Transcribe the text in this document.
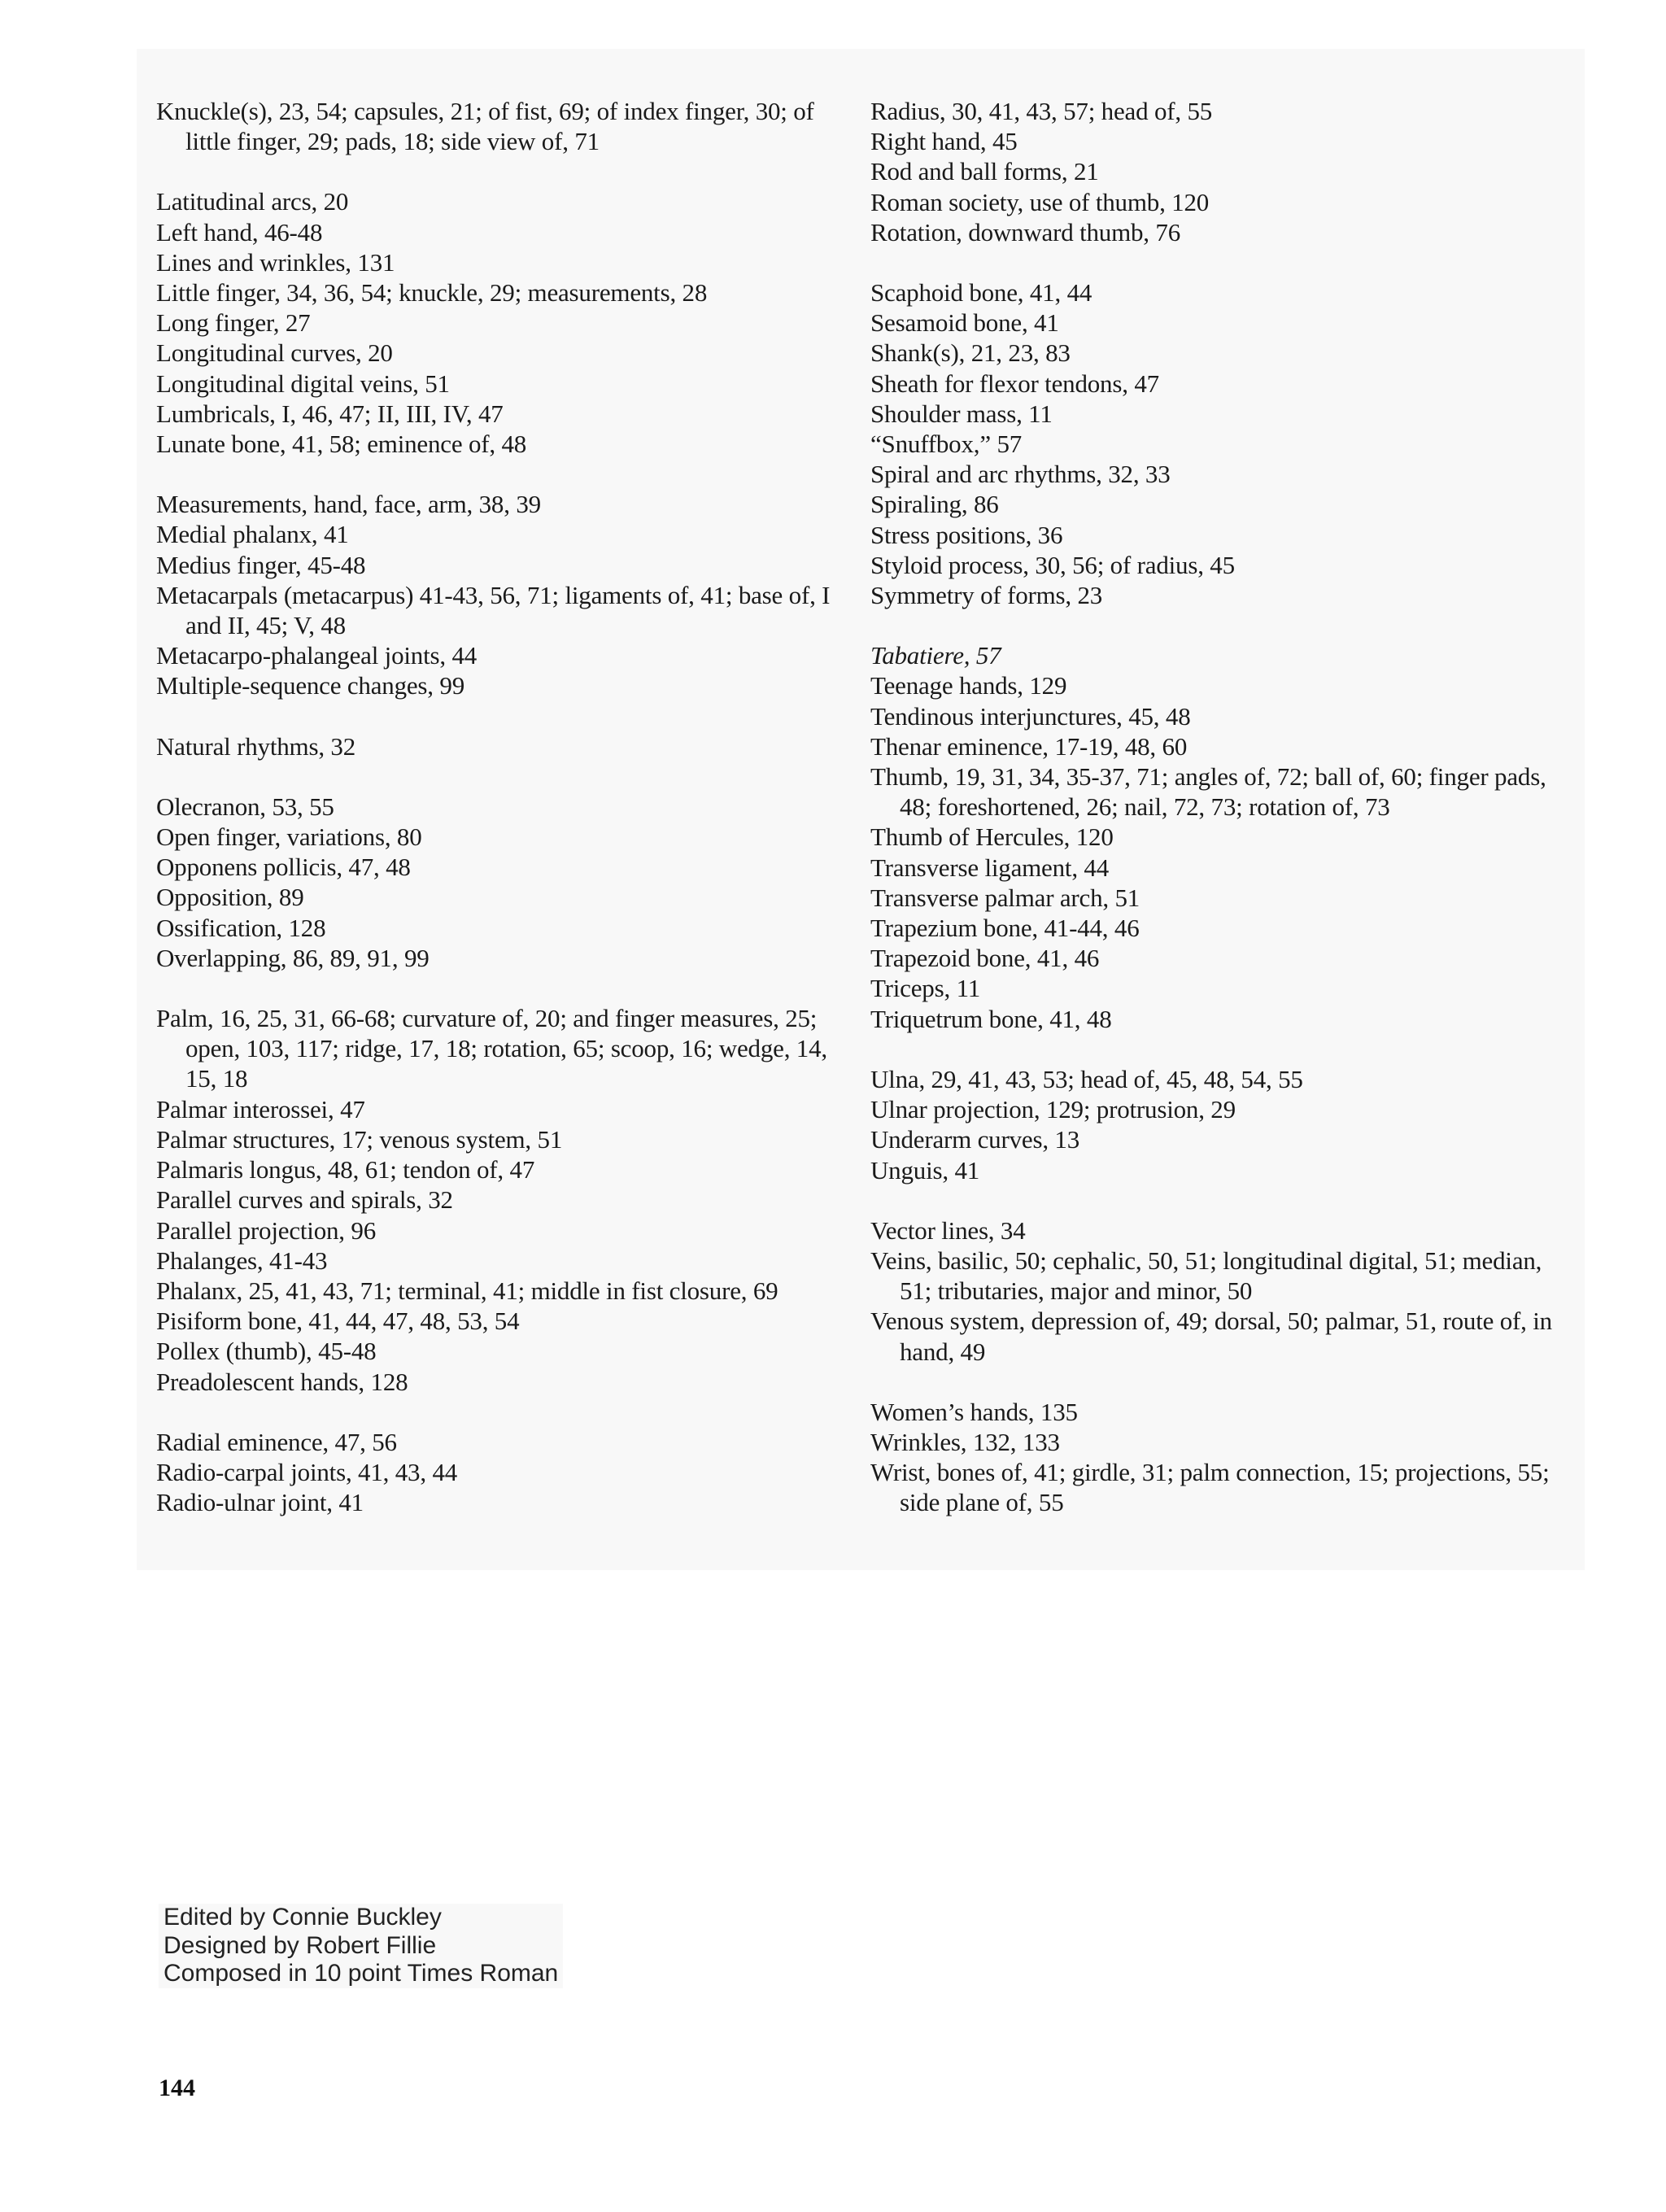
Knuckle(s), 23, 54; capsules, 21; of fist, 69; of index finger, 30; of little finger, 29; pads, 18; side view of, 71
Latitudinal arcs, 20
Left hand, 46-48
Lines and wrinkles, 131
Little finger, 34, 36, 54; knuckle, 29; measurements, 28
Long finger, 27
Longitudinal curves, 20
Longitudinal digital veins, 51
Lumbricals, I, 46, 47; II, III, IV, 47
Lunate bone, 41, 58; eminence of, 48
Measurements, hand, face, arm, 38, 39
Medial phalanx, 41
Medius finger, 45-48
Metacarpals (metacarpus) 41-43, 56, 71; ligaments of, 41; base of, I and II, 45; V, 48
Metacarpo-phalangeal joints, 44
Multiple-sequence changes, 99
Natural rhythms, 32
Olecranon, 53, 55
Open finger, variations, 80
Opponens pollicis, 47, 48
Opposition, 89
Ossification, 128
Overlapping, 86, 89, 91, 99
Palm, 16, 25, 31, 66-68; curvature of, 20; and finger measures, 25; open, 103, 117; ridge, 17, 18; rotation, 65; scoop, 16; wedge, 14, 15, 18
Palmar interossei, 47
Palmar structures, 17; venous system, 51
Palmaris longus, 48, 61; tendon of, 47
Parallel curves and spirals, 32
Parallel projection, 96
Phalanges, 41-43
Phalanx, 25, 41, 43, 71; terminal, 41; middle in fist closure, 69
Pisiform bone, 41, 44, 47, 48, 53, 54
Pollex (thumb), 45-48
Preadolescent hands, 128
Radial eminence, 47, 56
Radio-carpal joints, 41, 43, 44
Radio-ulnar joint, 41
Radius, 30, 41, 43, 57; head of, 55
Right hand, 45
Rod and ball forms, 21
Roman society, use of thumb, 120
Rotation, downward thumb, 76
Scaphoid bone, 41, 44
Sesamoid bone, 41
Shank(s), 21, 23, 83
Sheath for flexor tendons, 47
Shoulder mass, 11
“Snuffbox,” 57
Spiral and arc rhythms, 32, 33
Spiraling, 86
Stress positions, 36
Styloid process, 30, 56; of radius, 45
Symmetry of forms, 23
Tabatiere, 57
Teenage hands, 129
Tendinous interjunctures, 45, 48
Thenar eminence, 17-19, 48, 60
Thumb, 19, 31, 34, 35-37, 71; angles of, 72; ball of, 60; finger pads, 48; foreshortened, 26; nail, 72, 73; rotation of, 73
Thumb of Hercules, 120
Transverse ligament, 44
Transverse palmar arch, 51
Trapezium bone, 41-44, 46
Trapezoid bone, 41, 46
Triceps, 11
Triquetrum bone, 41, 48
Ulna, 29, 41, 43, 53; head of, 45, 48, 54, 55
Ulnar projection, 129; protrusion, 29
Underarm curves, 13
Unguis, 41
Vector lines, 34
Veins, basilic, 50; cephalic, 50, 51; longitudinal digital, 51; median, 51; tributaries, major and minor, 50
Venous system, depression of, 49; dorsal, 50; palmar, 51, route of, in hand, 49
Women’s hands, 135
Wrinkles, 132, 133
Wrist, bones of, 41; girdle, 31; palm connection, 15; projections, 55; side plane of, 55
Edited by Connie Buckley
Designed by Robert Fillie
Composed in 10 point Times Roman
144
